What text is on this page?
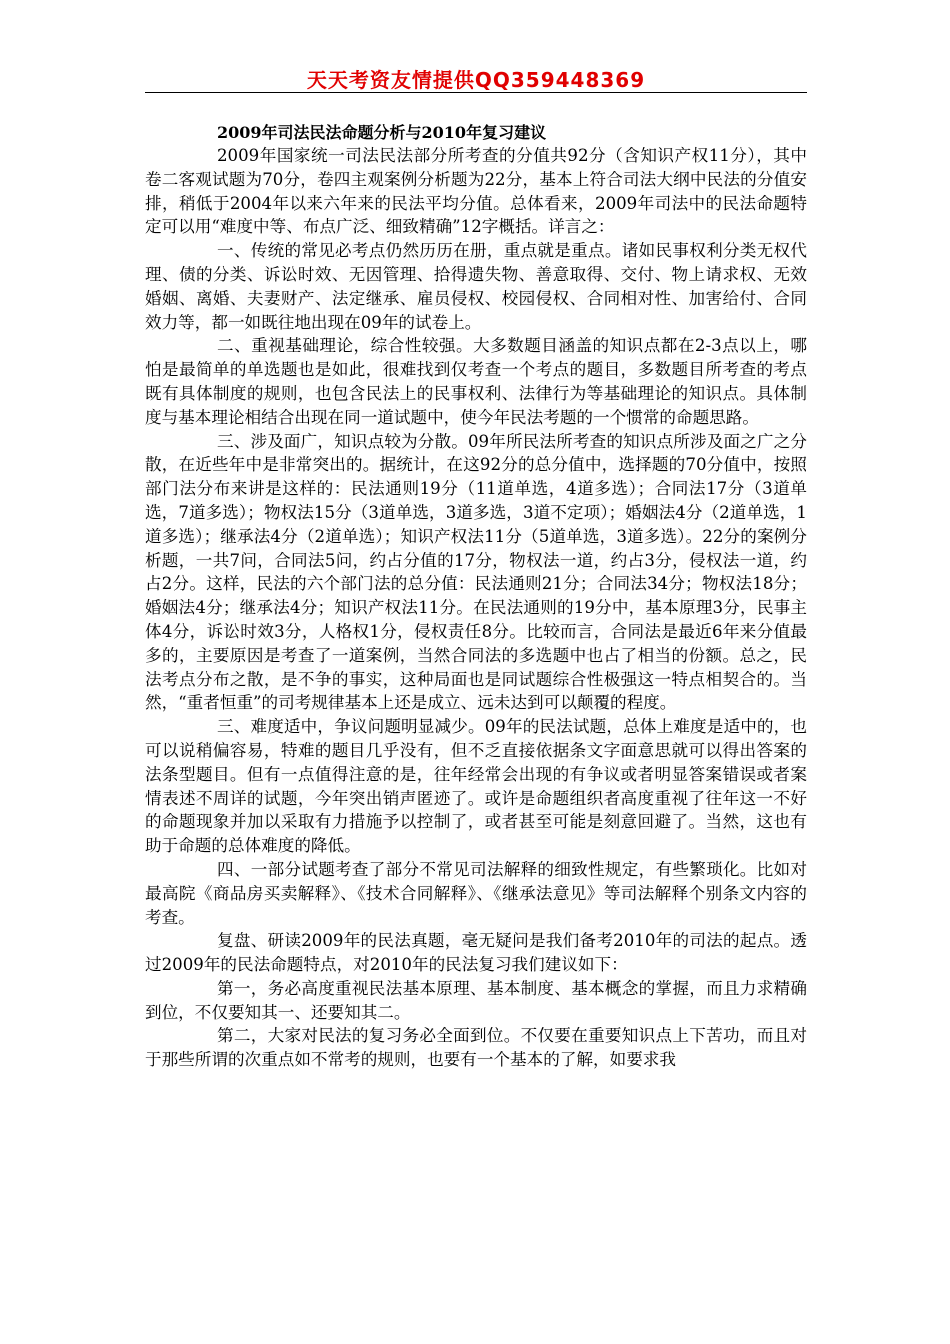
天天考资友情提供QQ359448369

2009年司法民法命题分析与2010年复习建议

2009年国家统一司法民法部分所考查的分值共92分（含知识产权11分），其中卷二客观试题为70分，卷四主观案例分析题为22分，基本上符合司法大纲中民法的分值安排，稍低于2004年以来六年来的民法平均分值。总体看来，2009年司法中的民法命题特定可以用“难度中等、布点广泛、细致精确”12字概括。详言之：

一、传统的常见必考点仍然历历在册，重点就是重点。诸如民事权利分类无权代理、债的分类、诉讼时效、无因管理、拾得遗失物、善意取得、交付、物上请求权、无效婚姻、离婚、夫妻财产、法定继承、雇员侵权、校园侵权、合同相对性、加害给付、合同效力等，都一如既往地出现在09年的试卷上。

二、重视基础理论，综合性较强。大多数题目涵盖的知识点都在2-3点以上，哪怕是最简单的单选题也是如此，很难找到仅考查一个考点的题目，多数题目所考查的考点既有具体制度的规则，也包含民法上的民事权利、法律行为等基础理论的知识点。具体制度与基本理论相结合出现在同一道试题中，使今年民法考题的一个惯常的命题思路。

三、涉及面广，知识点较为分散。09年所民法所考查的知识点所涉及面之广之分散，在近些年中是非常突出的。据统计，在这92分的总分值中，选择题的70分值中，按照部门法分布来讲是这样的：民法通则19分（11道单选，4道多选）；合同法17分（3道单选，7道多选）；物权法15分（3道单选，3道多选，3道不定项）；婚姻法4分（2道单选，1道多选）；继承法4分（2道单选）；知识产权法11分（5道单选，3道多选）。22分的案例分析题，一共7问，合同法5问，约占分值的17分，物权法一道，约占3分，侵权法一道，约占2分。这样，民法的六个部门法的总分值：民法通则21分；合同法34分；物权法18分；婚姻法4分；继承法4分；知识产权法11分。在民法通则的19分中，基本原理3分，民事主体4分，诉讼时效3分，人格权1分，侵权责任8分。比较而言，合同法是最近6年来分值最多的，主要原因是考查了一道案例，当然合同法的多选题中也占了相当的份额。总之，民法考点分布之散，是不争的事实，这种局面也是同试题综合性极强这一特点相契合的。当然，“重者恒重”的司考规律基本上还是成立、远未达到可以颠覆的程度。

三、难度适中，争议问题明显减少。09年的民法试题，总体上难度是适中的，也可以说稍偏容易，特难的题目几乎没有，但不乏直接依据条文字面意思就可以得出答案的法条型题目。但有一点值得注意的是，往年经常会出现的有争议或者明显答案错误或者案情表述不周详的试题，今年突出销声匿迹了。或许是命题组织者高度重视了往年这一不好的命题现象并加以采取有力措施予以控制了，或者甚至可能是刻意回避了。当然，这也有助于命题的总体难度的降低。

四、一部分试题考查了部分不常见司法解释的细致性规定，有些繁琐化。比如对最高院《商品房买卖解释》、《技术合同解释》、《继承法意见》等司法解释个别条文内容的考查。

复盘、研读2009年的民法真题，毫无疑问是我们备考2010年的司法的起点。透过2009年的民法命题特点，对2010年的民法复习我们建议如下：

第一，务必高度重视民法基本原理、基本制度、基本概念的掌握，而且力求精确到位，不仅要知其一、还要知其二。

第二，大家对民法的复习务必全面到位。不仅要在重要知识点上下苦功，而且对于那些所谓的次重点如不常考的规则，也要有一个基本的了解，如要求我
